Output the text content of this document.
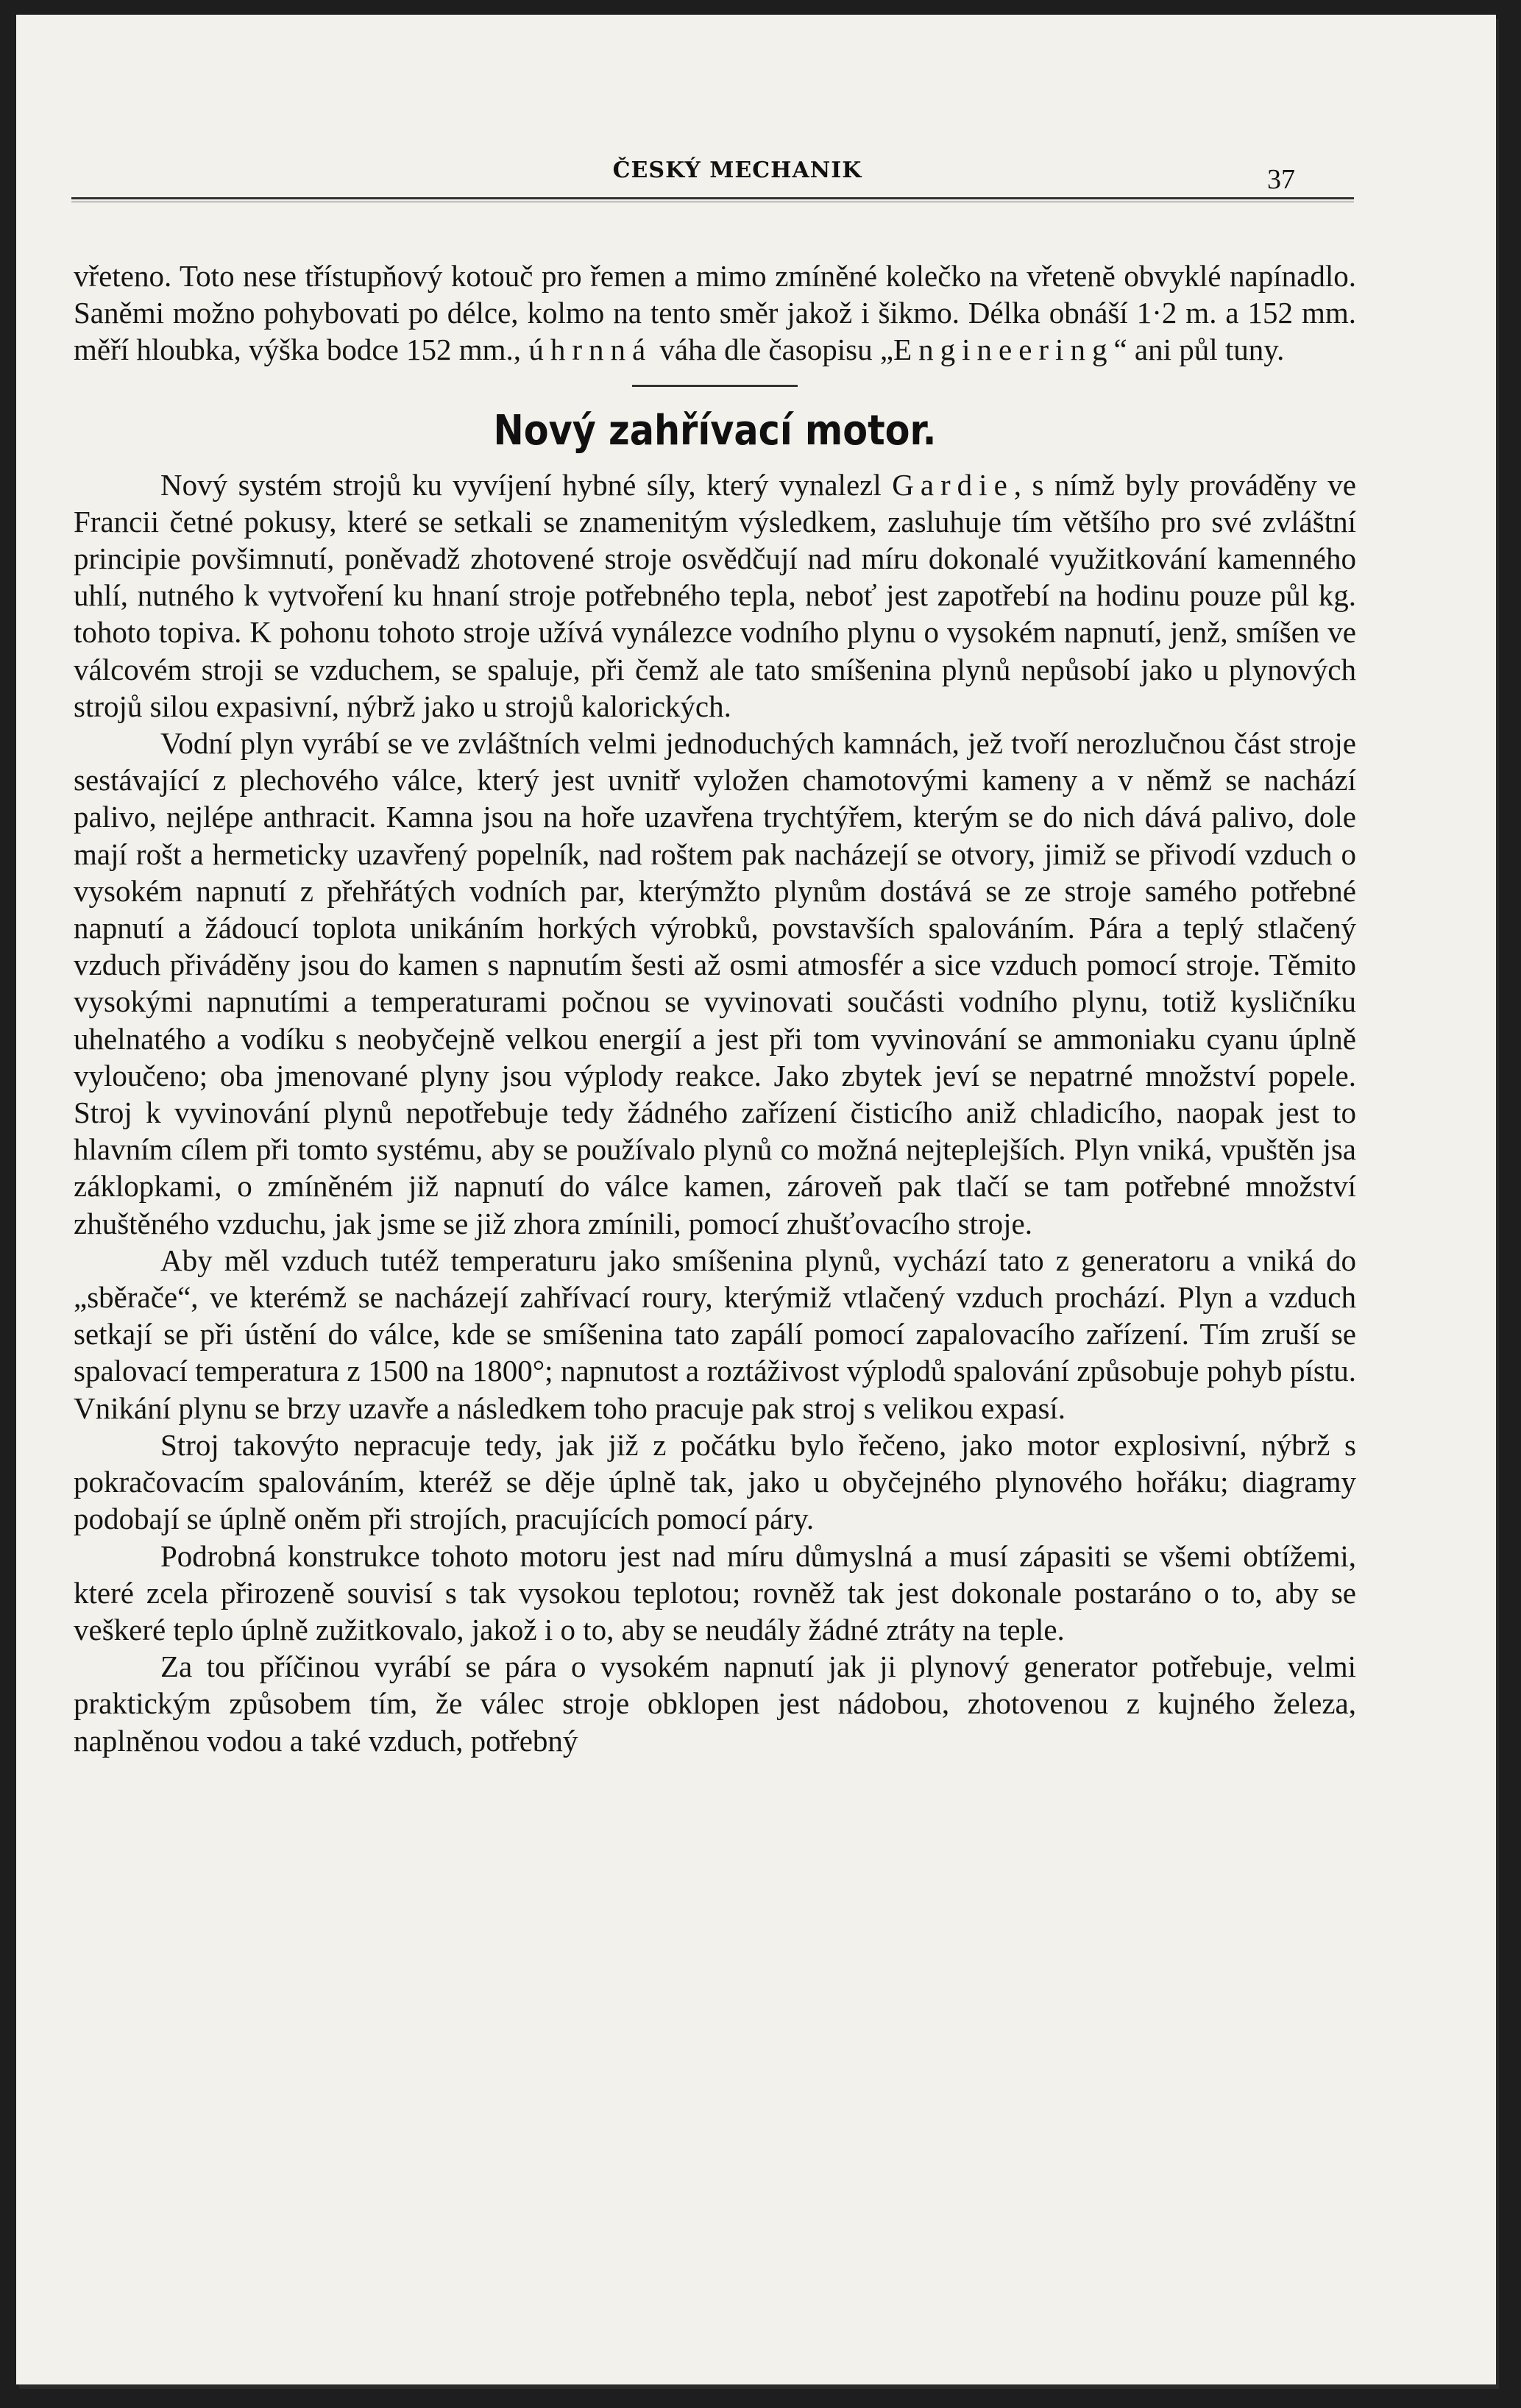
ČESKÝ MECHANIK	37

vřeteno. Toto nese třístupňový kotouč pro řemen a mimo zmíněné kolečko na vřetenĕ obvyklé napínadlo. Saněmi možno pohybovati po délce, kolmo na tento směr jakož i šikmo. Délka obnáší 1·2 m. a 152 mm. měří hloubka, výška bodce 152 mm., úhrnná váha dle časopisu „Engineering“ ani půl tuny.

Nový zahřívací motor.

Nový systém strojů ku vyvíjení hybné síly, který vynalezl Gardie, s nímž byly prováděny ve Francii četné pokusy, které se setkali se znamenitým výsledkem, zasluhuje tím většího pro své zvláštní principie povšimnutí, poněvadž zhotovené stroje osvědčují nad míru dokonalé využitkování kamenného uhlí, nutného k vytvoření ku hnaní stroje potřebného tepla, neboť jest zapotřebí na hodinu pouze půl kg. tohoto topiva. K pohonu tohoto stroje užívá vynálezce vodního plynu o vysokém napnutí, jenž, smíšen ve válcovém stroji se vzduchem, se spaluje, při čemž ale tato smíšenina plynů nepůsobí jako u plynových strojů silou expasivní, nýbrž jako u strojů kalorických.

Vodní plyn vyrábí se ve zvláštních velmi jednoduchých kamnách, jež tvoří nerozlučnou část stroje sestávající z plechového válce, který jest uvnitř vyložen chamotovými kameny a v němž se nachází palivo, nejlépe anthracit. Kamna jsou na hoře uzavřena trychtýřem, kterým se do nich dává palivo, dole mají rošt a hermeticky uzavřený popelník, nad roštem pak nacházejí se otvory, jimiž se přivodí vzduch o vysokém napnutí z přehřátých vodních par, kterýmžto plynům dostává se ze stroje samého potřebné napnutí a žádoucí toplota unikáním horkých výrobků, povstavších spalováním. Pára a teplý stlačený vzduch přiváděny jsou do kamen s napnutím šesti až osmi atmosfér a sice vzduch pomocí stroje. Těmito vysokými napnutími a temperaturami počnou se vyvinovati součásti vodního plynu, totiž kysličníku uhelnatého a vodíku s neobyčejně velkou energií a jest při tom vyvinování se ammoniaku cyanu úplně vyloučeno; oba jmenované plyny jsou výplody reakce. Jako zbytek jeví se nepatrné množství popele. Stroj k vyvinování plynů nepotřebuje tedy žádného zařízení čisticího aniž chladicího, naopak jest to hlavním cílem při tomto systému, aby se používalo plynů co možná nejteplejších. Plyn vniká, vpuštěn jsa záklopkami, o zmíněném již napnutí do válce kamen, zároveň pak tlačí se tam potřebné množství zhuštěného vzduchu, jak jsme se již zhora zmínili, pomocí zhušťovacího stroje.

Aby měl vzduch tutéž temperaturu jako smíšenina plynů, vychází tato z generatoru a vniká do „sběrače“, ve kterémž se nacházejí zahřívací roury, kterýmiž vtlačený vzduch prochází. Plyn a vzduch setkají se při ústění do válce, kde se smíšenina tato zapálí pomocí zapalovacího zařízení. Tím zruší se spalovací temperatura z 1500 na 1800°; napnutost a roztáživost výplodů spalování způsobuje pohyb pístu. Vnikání plynu se brzy uzavře a následkem toho pracuje pak stroj s velikou expasí.

Stroj takovýto nepracuje tedy, jak již z počátku bylo řečeno, jako motor explosivní, nýbrž s pokračovacím spalováním, kteréž se děje úplně tak, jako u obyčejného plynového hořáku; diagramy podobají se úplně oněm při strojích, pracujících pomocí páry.

Podrobná konstrukce tohoto motoru jest nad míru důmyslná a musí zápasiti se všemi obtížemi, které zcela přirozeně souvisí s tak vysokou teplotou; rovněž tak jest dokonale postaráno o to, aby se veškeré teplo úplně zužitkovalo, jakož i o to, aby se neudály žádné ztráty na teple.

Za tou příčinou vyrábí se pára o vysokém napnutí jak ji plynový generator potřebuje, velmi praktickým způsobem tím, že válec stroje obklopen jest nádobou, zhotovenou z kujného železa, naplněnou vodou a také vzduch, potřebný
